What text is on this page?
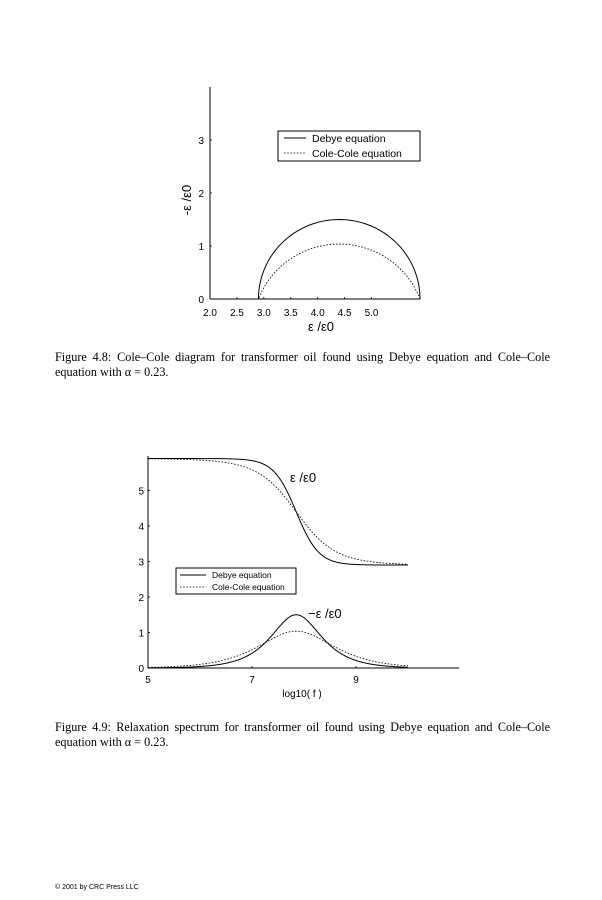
2.0 2.5 3.0 3.5 4.0 4.5 5.0
0
1
2
3	Debye equation
Cole-Cole equation
-ε /ε0
ε /ε0
Figure 4.8: Cole–Cole diagram for transformer oil found using Debye equation and Cole–Cole equation with α = 0.23.
5	7	9
0
1
2
3
4
5
ε /ε0
−ε /ε0
Debye equation
Cole-Cole equation
log10( f )
Figure 4.9: Relaxation spectrum for transformer oil found using Debye equation and Cole–Cole equation with α = 0.23.
© 2001 by CRC Press LLC
